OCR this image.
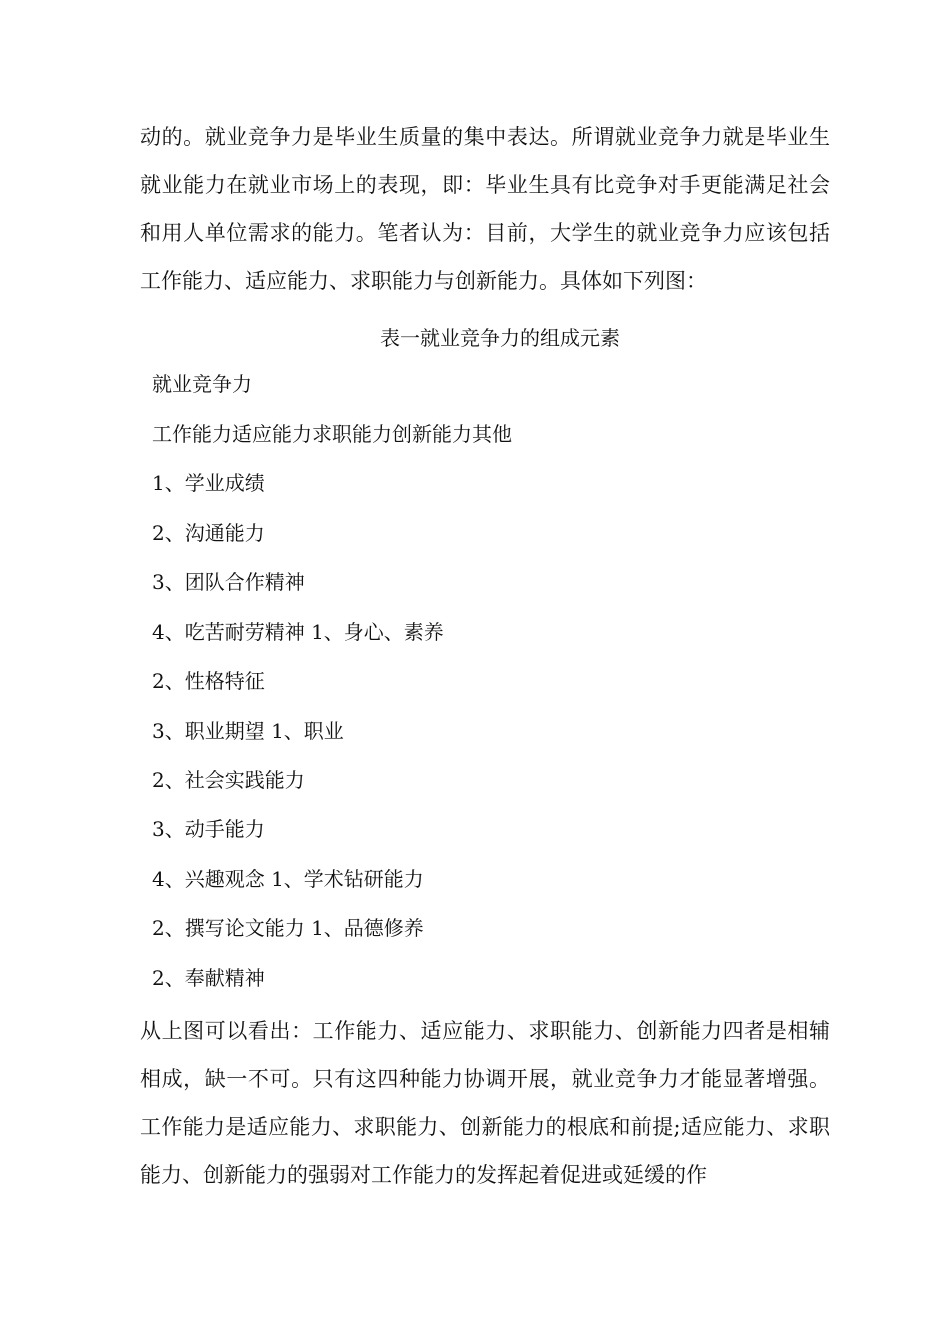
动的。就业竞争力是毕业生质量的集中表达。所谓就业竞争力就是毕业生就业能力在就业市场上的表现，即：毕业生具有比竞争对手更能满足社会和用人单位需求的能力。笔者认为：目前，大学生的就业竞争力应该包括工作能力、适应能力、求职能力与创新能力。具体如下列图：

表一就业竞争力的组成元素

就业竞争力

工作能力适应能力求职能力创新能力其他

1、学业成绩

2、沟通能力

3、团队合作精神

4、吃苦耐劳精神 1、身心、素养

2、性格特征

3、职业期望 1、职业

2、社会实践能力

3、动手能力

4、兴趣观念 1、学术钻研能力

2、撰写论文能力 1、品德修养

2、奉献精神

从上图可以看出：工作能力、适应能力、求职能力、创新能力四者是相辅相成，缺一不可。只有这四种能力协调开展，就业竞争力才能显著增强。工作能力是适应能力、求职能力、创新能力的根底和前提;适应能力、求职能力、创新能力的强弱对工作能力的发挥起着促进或延缓的作
